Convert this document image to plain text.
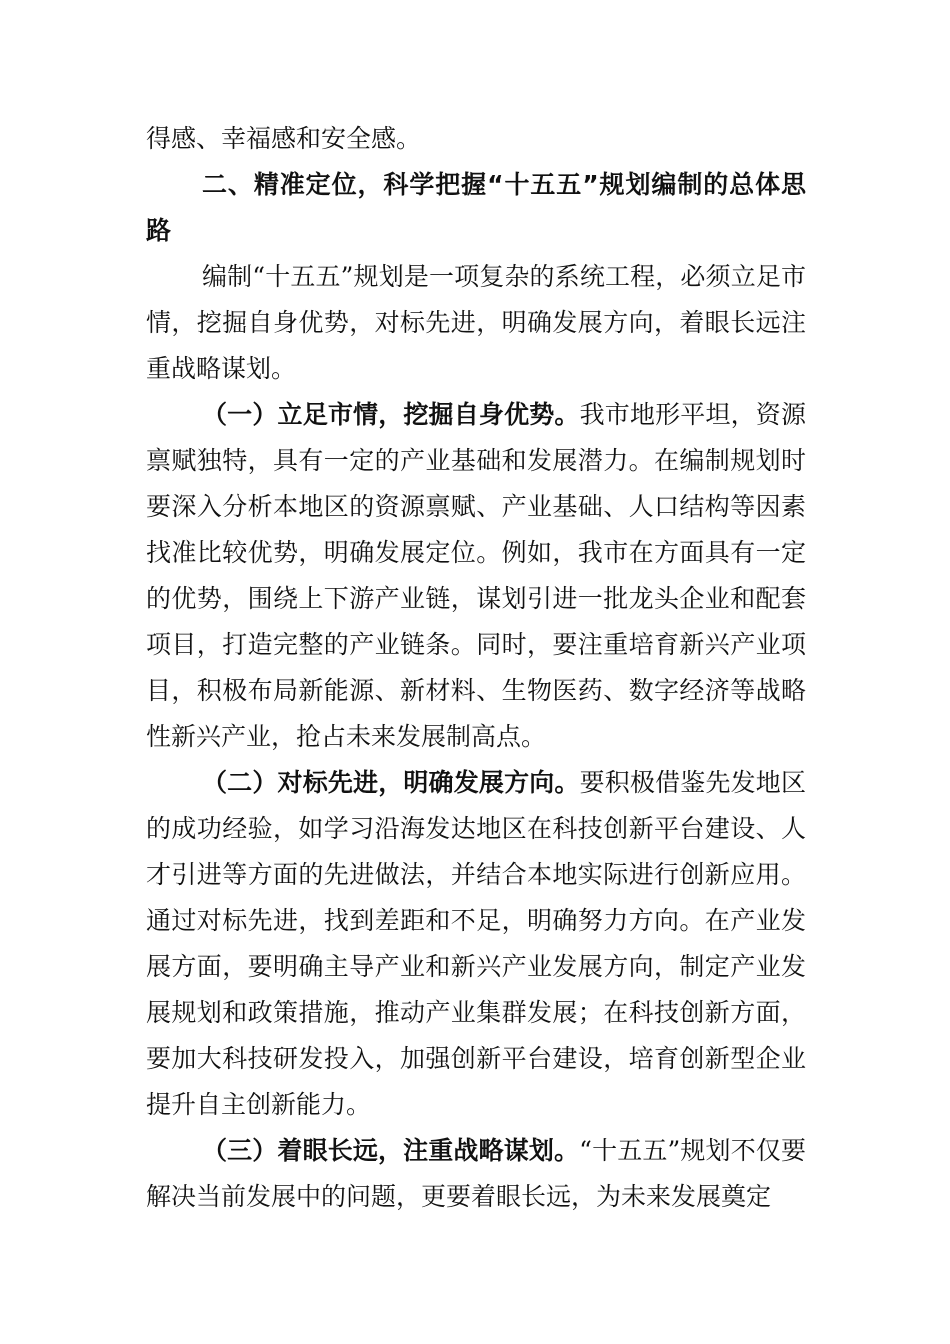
得感、幸福感和安全感。

二、精准定位，科学把握“十五五”规划编制的总体思路

编制“十五五”规划是一项复杂的系统工程，必须立足市情，挖掘自身优势，对标先进，明确发展方向，着眼长远注重战略谋划。

（一）立足市情，挖掘自身优势。我市地形平坦，资源禀赋独特，具有一定的产业基础和发展潜力。在编制规划时要深入分析本地区的资源禀赋、产业基础、人口结构等因素找准比较优势，明确发展定位。例如，我市在方面具有一定的优势，围绕上下游产业链，谋划引进一批龙头企业和配套项目，打造完整的产业链条。同时，要注重培育新兴产业项目，积极布局新能源、新材料、生物医药、数字经济等战略性新兴产业，抢占未来发展制高点。

（二）对标先进，明确发展方向。要积极借鉴先发地区的成功经验，如学习沿海发达地区在科技创新平台建设、人才引进等方面的先进做法，并结合本地实际进行创新应用。通过对标先进，找到差距和不足，明确努力方向。在产业发展方面，要明确主导产业和新兴产业发展方向，制定产业发展规划和政策措施，推动产业集群发展；在科技创新方面，要加大科技研发投入，加强创新平台建设，培育创新型企业提升自主创新能力。

（三）着眼长远，注重战略谋划。“十五五”规划不仅要解决当前发展中的问题，更要着眼长远，为未来发展奠定
